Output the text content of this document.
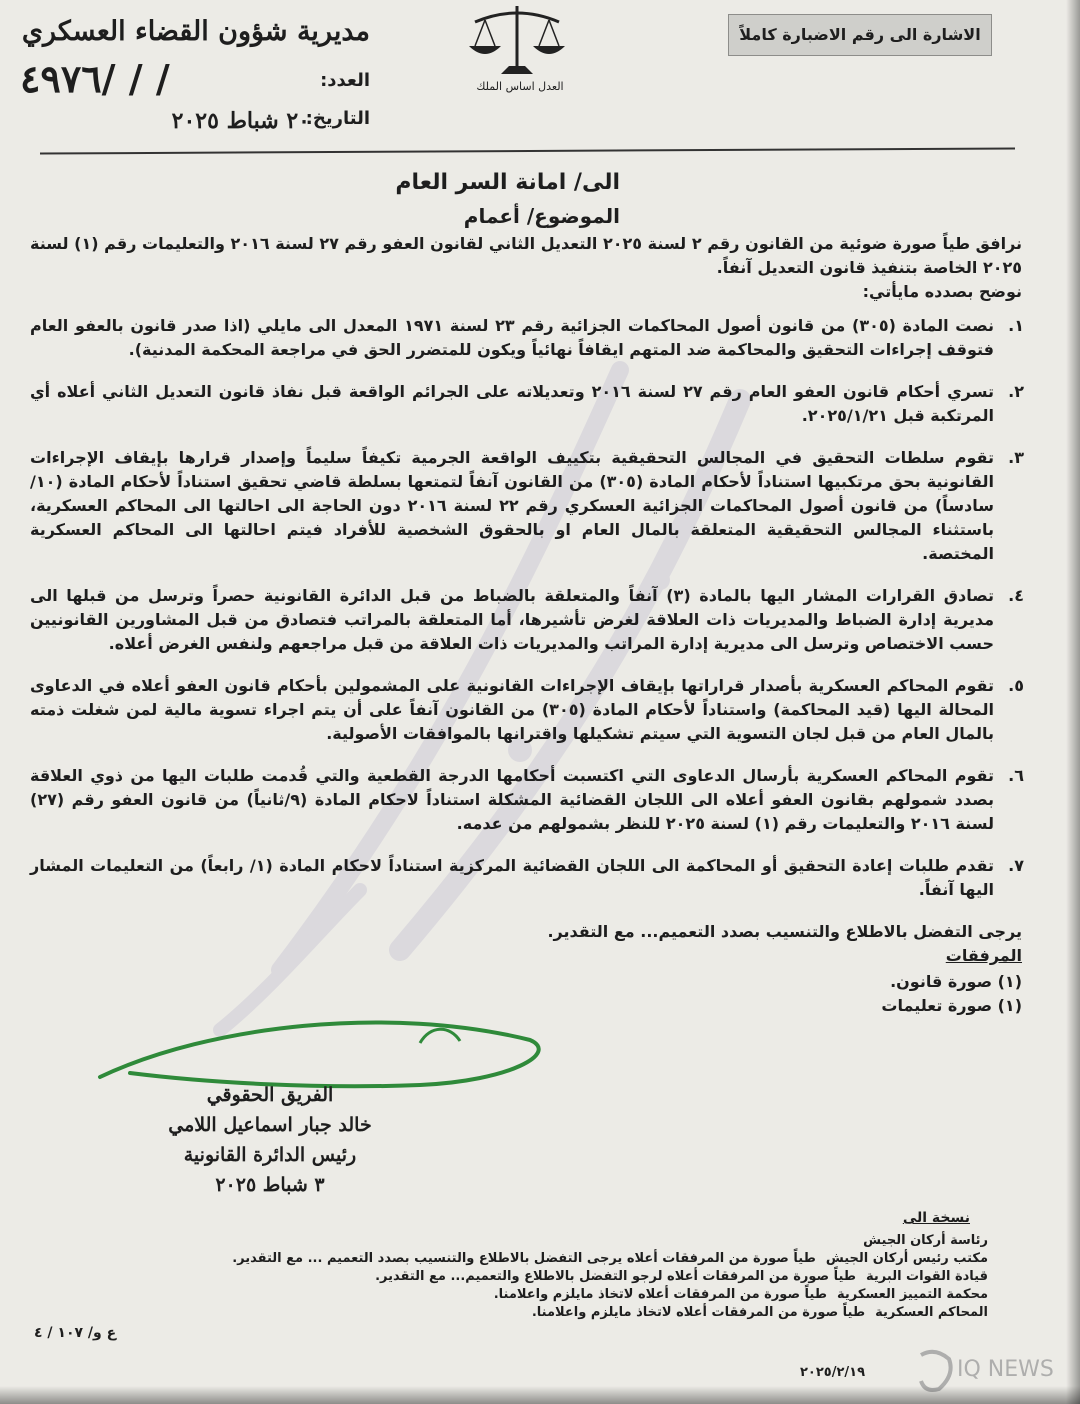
الاشارة الى رقم الاضبارة كاملاً
العدل اساس الملك
مديرية شؤون القضاء العسكري
العدد:
٤٩٧٦/ / /
التاريخ:
٢٠ شباط ٢٠٢٥
الى/ امانة السر العام
الموضوع/ أعمام

نرافق طياً صورة ضوئية من القانون رقم ٢ لسنة ٢٠٢٥ التعديل الثاني لقانون العفو رقم ٢٧ لسنة ٢٠١٦ والتعليمات رقم (١) لسنة ٢٠٢٥ الخاصة بتنفيذ قانون التعديل آنفاً.

نوضح بصدده مايأتي:

١.
نصت المادة (٣٠٥) من قانون أصول المحاكمات الجزائية رقم ٢٣ لسنة ١٩٧١ المعدل الى مايلي (اذا صدر قانون بالعفو العام فتوقف إجراءات التحقيق والمحاكمة ضد المتهم ايقافاً نهائياً ويكون للمتضرر الحق في مراجعة المحكمة المدنية).
٢.
تسري أحكام قانون العفو العام رقم ٢٧ لسنة ٢٠١٦ وتعديلاته على الجرائم الواقعة قبل نفاذ قانون التعديل الثاني أعلاه أي المرتكبة قبل ٢٠٢٥/١/٢١.
٣.
تقوم سلطات التحقيق في المجالس التحقيقية بتكييف الواقعة الجرمية تكيفاً سليماً وإصدار قرارها بإيقاف الإجراءات القانونية بحق مرتكبيها استناداً لأحكام المادة (٣٠٥) من القانون آنفاً لتمتعها بسلطة قاضي تحقيق استناداً لأحكام المادة (١٠/سادساً) من قانون أصول المحاكمات الجزائية العسكري رقم ٢٢ لسنة ٢٠١٦ دون الحاجة الى احالتها الى المحاكم العسكرية، باستثناء المجالس التحقيقية المتعلقة بالمال العام او بالحقوق الشخصية للأفراد فيتم احالتها الى المحاكم العسكرية المختصة.
٤.
تصادق القرارات المشار اليها بالمادة (٣) آنفاً والمتعلقة بالضباط من قبل الدائرة القانونية حصراً وترسل من قبلها الى مديرية إدارة الضباط والمديريات ذات العلاقة لغرض تأشيرها، أما المتعلقة بالمراتب فتصادق من قبل المشاورين القانونيين حسب الاختصاص وترسل الى مديرية إدارة المراتب والمديريات ذات العلاقة من قبل مراجعهم ولنفس الغرض أعلاه.
٥.
تقوم المحاكم العسكرية بأصدار قراراتها بإيقاف الإجراءات القانونية على المشمولين بأحكام قانون العفو أعلاه في الدعاوى المحالة اليها (قيد المحاكمة) واستناداً لأحكام المادة (٣٠٥) من القانون آنفاً على أن يتم اجراء تسوية مالية لمن شغلت ذمته بالمال العام من قبل لجان التسوية التي سيتم تشكيلها واقترانها بالموافقات الأصولية.
٦.
تقوم المحاكم العسكرية بأرسال الدعاوى التي اكتسبت أحكامها الدرجة القطعية والتي قُدمت طلبات اليها من ذوي العلاقة بصدد شمولهم بقانون العفو أعلاه الى اللجان القضائية المشكلة استناداً لاحكام المادة (٩/ثانياً) من قانون العفو رقم (٢٧) لسنة ٢٠١٦ والتعليمات رقم (١) لسنة ٢٠٢٥ للنظر بشمولهم من عدمه.
٧.
تقدم طلبات إعادة التحقيق أو المحاكمة الى اللجان القضائية المركزية استناداً لاحكام المادة (١/ رابعاً) من التعليمات المشار اليها آنفاً.

يرجى التفضل بالاطلاع والتنسيب بصدد التعميم... مع التقدير.

المرفقات

(١) صورة قانون.
(١) صورة تعليمات
الفريق الحقوقي
خالد جبار اسماعيل اللامي
رئيس الدائرة القانونية
٣ شباط ٢٠٢٥
نسخة الى
رئاسة أركان الجيش
مكتب رئيس أركان الجيش
طياً صورة من المرفقات أعلاه يرجى التفضل بالاطلاع والتنسيب بصدد التعميم ... مع التقدير.
قيادة القوات البرية
طياً صورة من المرفقات أعلاه لرجو التفضل بالاطلاع والتعميم... مع التقدير.
محكمة التمييز العسكرية
طياً صورة من المرفقات أعلاه لاتخاذ مايلزم واعلامنا.
المحاكم العسكرية
طياً صورة من المرفقات أعلاه لاتخاذ مايلزم واعلامنا.
ع و/ ١٠٧ / ٤
٢٠٢٥/٢/١٩	IQ NEWS
